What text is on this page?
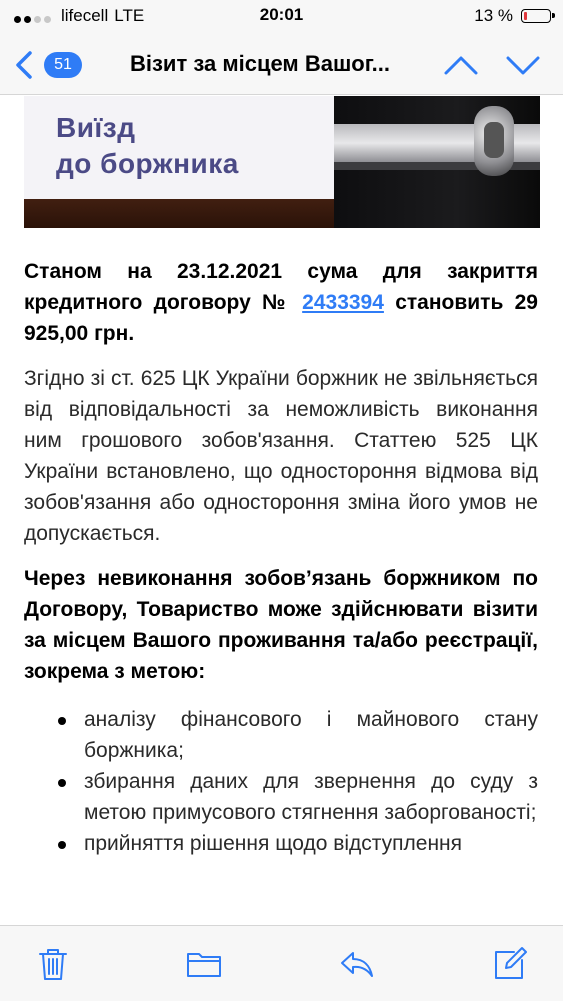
lifecell LTE	20:01	13 %
51	Візит за місцем Вашог...
Виїзд
до боржника

Станом на 23.12.2021 сума для закриття кредитного договору № 2433394 становить 29 925,00 грн.

Згідно зі ст. 625 ЦК України боржник не звільняється від відповідальності за неможливість виконання ним грошового зобов'язання. Статтею 525 ЦК України встановлено, що одностороння відмова від зобов'язання або одностороння зміна його умов не допускається.

Через невиконання зобов’язань боржником по Договору, Товариство може здійснювати візити за місцем Вашого проживання та/або реєстрації, зокрема з метою:

аналізу фінансового і майнового стану боржника;
збирання даних для звернення до суду з метою примусового стягнення заборгованості;
прийняття рішення щодо відступлення
